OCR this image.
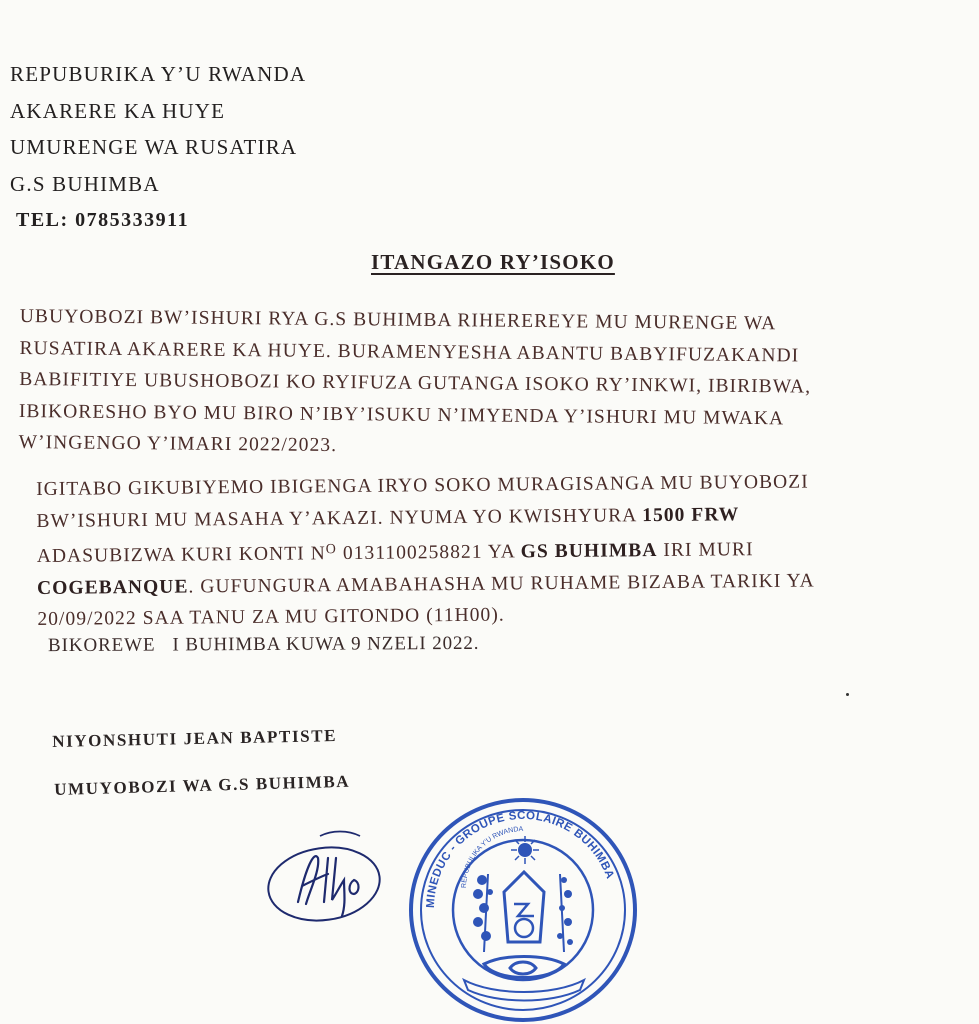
REPUBURIKA Y’U RWANDA
AKARERE KA HUYE
UMURENGE WA RUSATIRA
G.S BUHIMBA
TEL: 0785333911
ITANGAZO RY’ISOKO
UBUYOBOZI BW’ISHURI RYA G.S BUHIMBA RIHEREREYE MU MURENGE WA
RUSATIRA AKARERE KA HUYE. BURAMENYESHA ABANTU BABYIFUZAKANDI
BABIFITIYE UBUSHOBOZI KO RYIFUZA GUTANGA ISOKO RY’INKWI, IBIRIBWA,
IBIKORESHO BYO MU BIRO N’IBY’ISUKU N’IMYENDA Y’ISHURI MU MWAKA
W’INGENGO Y’IMARI 2022/2023.
IGITABO GIKUBIYEMO IBIGENGA IRYO SOKO MURAGISANGA MU BUYOBOZI
BW’ISHURI MU MASAHA Y’AKAZI. NYUMA YO KWISHYURA 1500 FRW
ADASUBIZWA KURI KONTI $N^O$ 0131100258821 YA GS BUHIMBA IRI MURI
COGEBANQUE. GUFUNGURA AMABAHASHA MU RUHAME BIZABA TARIKI YA
20/09/2022 SAA TANU ZA MU GITONDO (11H00).
BIKOREWE   I BUHIMBA KUWA 9 NZELI 2022.
NIYONSHUTI JEAN BAPTISTE
UMUYOBOZI WA G.S BUHIMBA
MINEDUC - GROUPE SCOLAIRE BUHIMBA
REPUBULIKA Y'U RWANDA
